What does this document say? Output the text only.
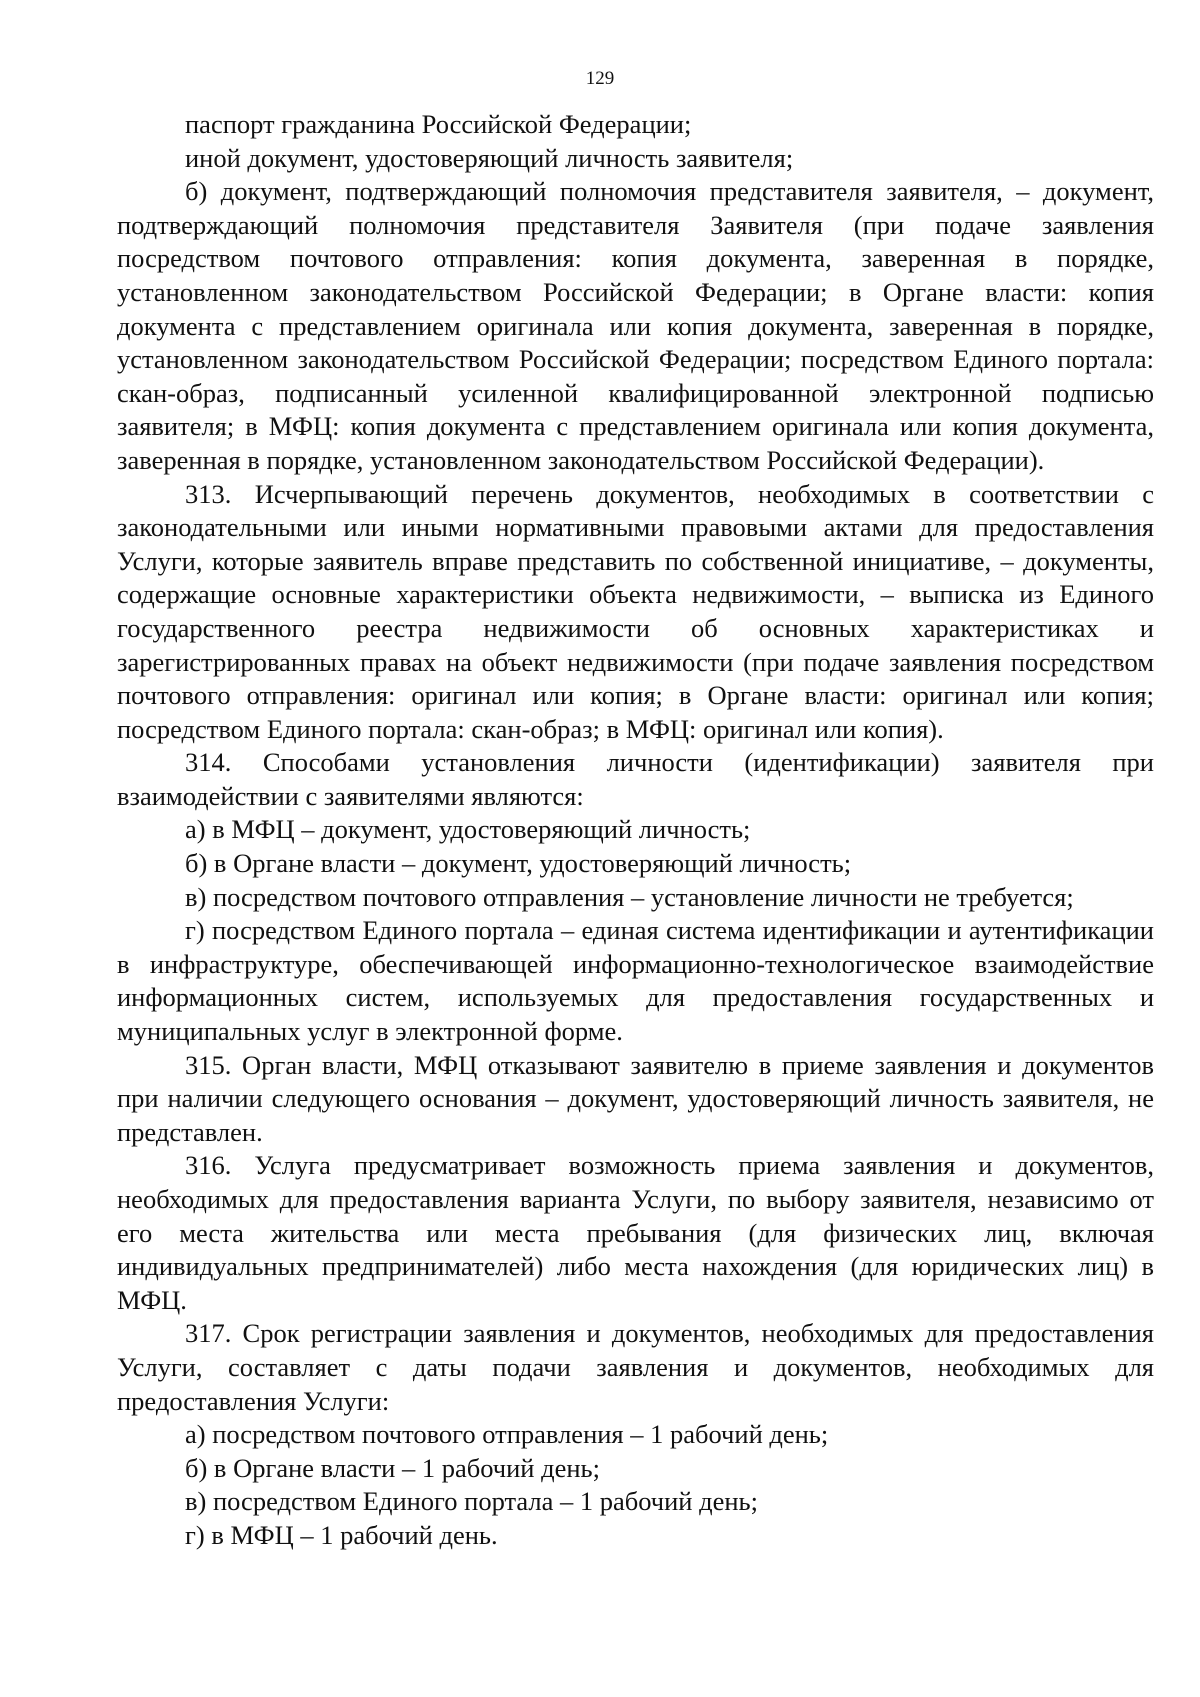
129

паспорт гражданина Российской Федерации;

иной документ, удостоверяющий личность заявителя;

б) документ, подтверждающий полномочия представителя заявителя, – документ, подтверждающий полномочия представителя Заявителя (при подаче заявления посредством почтового отправления: копия документа, заверенная в порядке, установленном законодательством Российской Федерации; в Органе власти: копия документа с представлением оригинала или копия документа, заверенная в порядке, установленном законодательством Российской Федерации; посредством Единого портала: скан-образ, подписанный усиленной квалифицированной электронной подписью заявителя; в МФЦ: копия документа с представлением оригинала или копия документа, заверенная в порядке, установленном законодательством Российской Федерации).

313. Исчерпывающий перечень документов, необходимых в соответствии с законодательными или иными нормативными правовыми актами для предоставления Услуги, которые заявитель вправе представить по собственной инициативе, – документы, содержащие основные характеристики объекта недвижимости, – выписка из Единого государственного реестра недвижимости об основных характеристиках и зарегистрированных правах на объект недвижимости (при подаче заявления посредством почтового отправления: оригинал или копия; в Органе власти: оригинал или копия; посредством Единого портала: скан-образ; в МФЦ: оригинал или копия).

314. Способами установления личности (идентификации) заявителя при взаимодействии с заявителями являются:

а) в МФЦ – документ, удостоверяющий личность;

б) в Органе власти – документ, удостоверяющий личность;

в) посредством почтового отправления – установление личности не требуется;

г) посредством Единого портала – единая система идентификации и аутентификации в инфраструктуре, обеспечивающей информационно-технологическое взаимодействие информационных систем, используемых для предоставления государственных и муниципальных услуг в электронной форме.

315. Орган власти, МФЦ отказывают заявителю в приеме заявления и документов при наличии следующего основания – документ, удостоверяющий личность заявителя, не представлен.

316. Услуга предусматривает возможность приема заявления и документов, необходимых для предоставления варианта Услуги, по выбору заявителя, независимо от его места жительства или места пребывания (для физических лиц, включая индивидуальных предпринимателей) либо места нахождения (для юридических лиц) в МФЦ.

317. Срок регистрации заявления и документов, необходимых для предоставления Услуги, составляет с даты подачи заявления и документов, необходимых для предоставления Услуги:

а) посредством почтового отправления – 1 рабочий день;

б) в Органе власти – 1 рабочий день;

в) посредством Единого портала – 1 рабочий день;

г) в МФЦ – 1 рабочий день.
